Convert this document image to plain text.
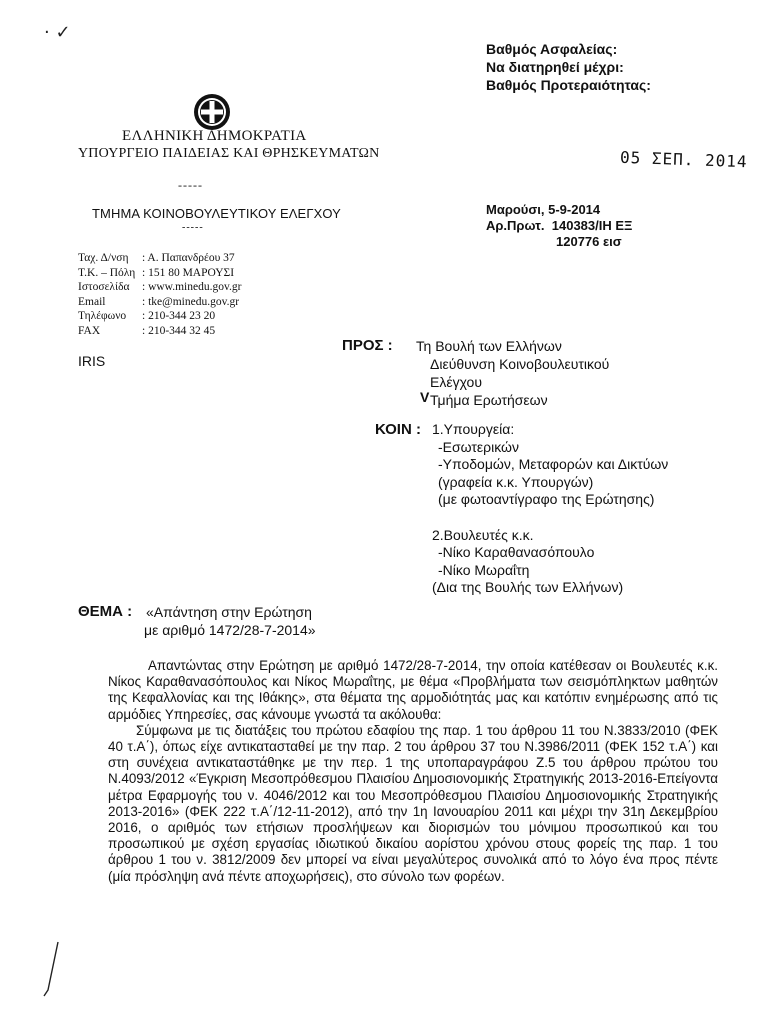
· ✓
Βαθμός Ασφαλείας:
Να διατηρηθεί μέχρι:
Βαθμός Προτεραιότητας:
ΕΛΛΗΝΙΚΗ ΔΗΜΟΚΡΑΤΙΑ
ΥΠΟΥΡΓΕΙΟ ΠΑΙΔΕΙΑΣ ΚΑΙ ΘΡΗΣΚΕΥΜΑΤΩΝ
-----
ΤΜΗΜΑ ΚΟΙΝΟΒΟΥΛΕΥΤΙΚΟΥ ΕΛΕΓΧΟΥ
-----
05 ΣΕΠ. 2014
Μαρούσι, 5-9-2014
Αρ.Πρωτ. 140383/ΙΗ ΕΞ
120776 εισ
Ταχ. Δ/νση	: Α. Παπανδρέου 37
Τ.Κ. – Πόλη	: 151 80 ΜΑΡΟΥΣΙ
Ιστοσελίδα	: www.minedu.gov.gr
Email	: tke@minedu.gov.gr
Τηλέφωνο	: 210-344 23 20
FAX	: 210-344 32 45
IRIS
ΠΡΟΣ : Τη Βουλή των Ελλήνων
Διεύθυνση Κοινοβουλευτικού
Ελέγχου
Τμήμα Ερωτήσεων
V
ΚΟΙΝ : 1.Υπουργεία:
-Εσωτερικών
-Υποδομών, Μεταφορών και Δικτύων
(γραφεία κ.κ. Υπουργών)
(με φωτοαντίγραφο της Ερώτησης)
2.Βουλευτές κ.κ.
-Νίκο Καραθανασόπουλο
-Νίκο Μωραΐτη
(Δια της Βουλής των Ελλήνων)
ΘΕΜΑ : «Απάντηση στην Ερώτηση
με αριθμό 1472/28-7-2014»

Απαντώντας στην Ερώτηση με αριθμό 1472/28-7-2014, την οποία κατέθεσαν οι Βουλευτές κ.κ. Νίκος Καραθανασόπουλος και Νίκος Μωραΐτης, με θέμα «Προβλήματα των σεισμόπληκτων μαθητών της Κεφαλλονίας και της Ιθάκης», στα θέματα της αρμοδιότητάς μας και κατόπιν ενημέρωσης από τις αρμόδιες Υπηρεσίες, σας κάνουμε γνωστά τα ακόλουθα:

Σύμφωνα με τις διατάξεις του πρώτου εδαφίου της παρ. 1 του άρθρου 11 του Ν.3833/2010 (ΦΕΚ 40 τ.Α΄), όπως είχε αντικατασταθεί με την παρ. 2 του άρθρου 37 του Ν.3986/2011 (ΦΕΚ 152 τ.Α΄) και στη συνέχεια αντικαταστάθηκε με την περ. 1 της υποπαραγράφου Ζ.5 του άρθρου πρώτου του Ν.4093/2012 «Έγκριση Μεσοπρόθεσμου Πλαισίου Δημοσιονομικής Στρατηγικής 2013-2016-Επείγοντα μέτρα Εφαρμογής του ν. 4046/2012 και του Μεσοπρόθεσμου Πλαισίου Δημοσιονομικής Στρατηγικής 2013-2016» (ΦΕΚ 222 τ.Α΄/12-11-2012), από την 1η Ιανουαρίου 2011 και μέχρι την 31η Δεκεμβρίου 2016, ο αριθμός των ετήσιων προσλήψεων και διορισμών του μόνιμου προσωπικού και του προσωπικού με σχέση εργασίας ιδιωτικού δικαίου αορίστου χρόνου στους φορείς της παρ. 1 του άρθρου 1 του ν. 3812/2009 δεν μπορεί να είναι μεγαλύτερος συνολικά από το λόγο ένα προς πέντε (μία πρόσληψη ανά πέντε αποχωρήσεις), στο σύνολο των φορέων.
